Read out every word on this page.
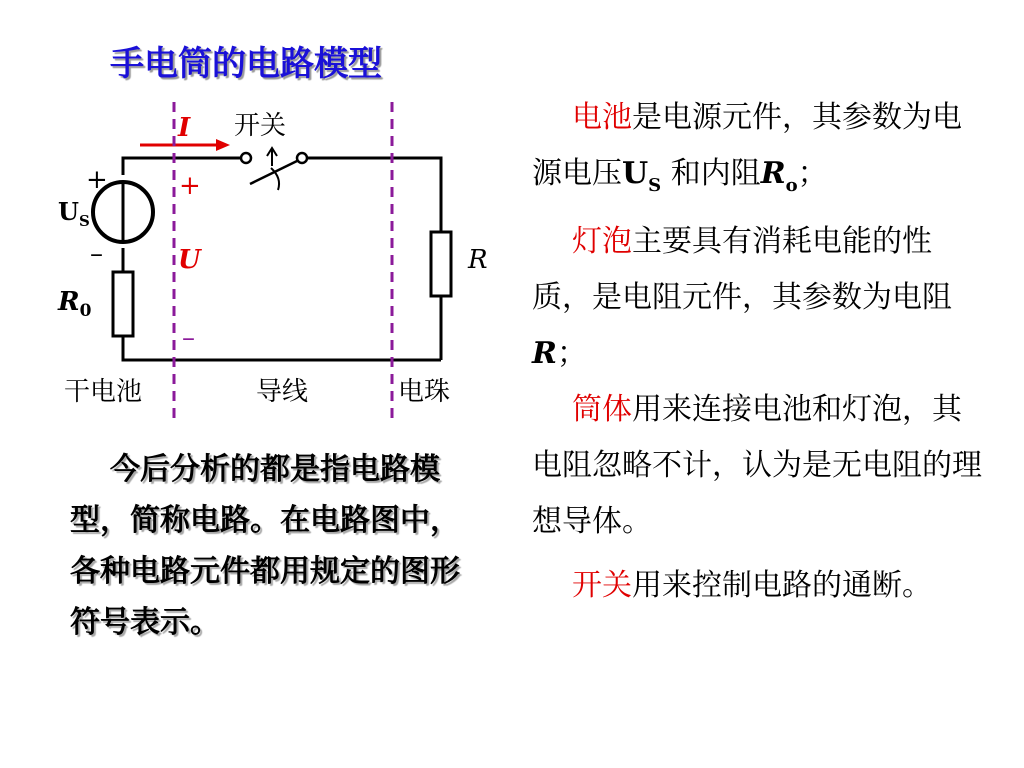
手电筒的电路模型
I 开关
+	+
$U_S$
–	U
$R_0$
–
R
干电池	导线	电珠
今后分析的都是指电路模型，简称电路。在电路图中，各种电路元件都用规定的图形符号表示。

电池是电源元件，其参数为电源电压$U_S$ 和内阻$R_o$；

灯泡主要具有消耗电能的性质，是电阻元件，其参数为电阻R；

筒体用来连接电池和灯泡，其电阻忽略不计，认为是无电阻的理想导体。

开关用来控制电路的通断。
